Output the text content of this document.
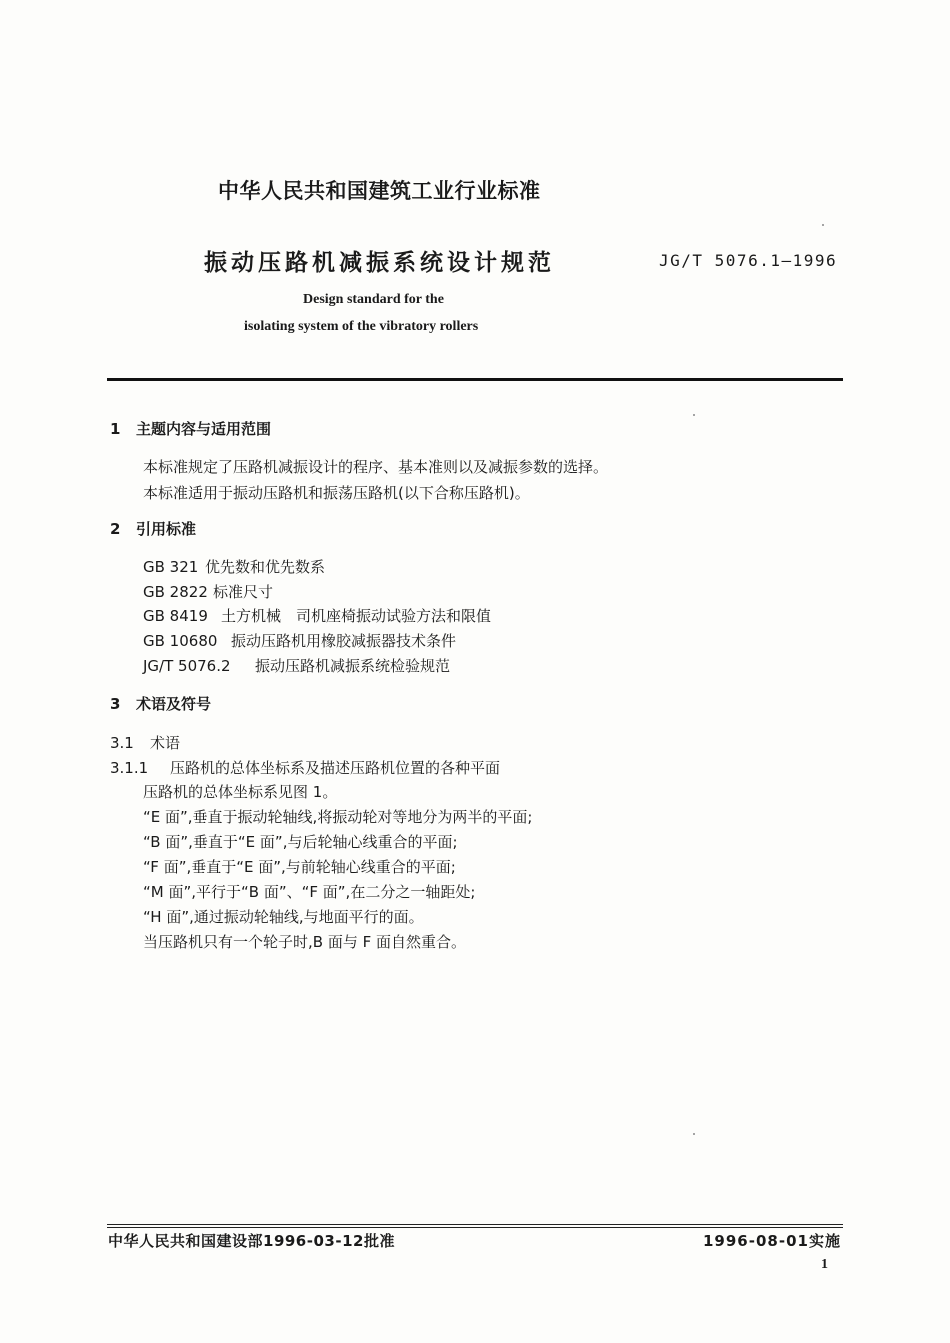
中华人民共和国建筑工业行业标准
振动压路机减振系统设计规范	JG/T 5076.1—1996
Design standard for the
isolating system of the vibratory rollers
1 主题内容与适用范围
本标准规定了压路机减振设计的程序、基本准则以及减振参数的选择。
本标准适用于振动压路机和振荡压路机(以下合称压路机)。
2 引用标准
GB 321 优先数和优先数系
GB 2822 标准尺寸
GB 8419 土方机械　司机座椅振动试验方法和限值
GB 10680 振动压路机用橡胶减振器技术条件
JG/T 5076.2 振动压路机减振系统检验规范
3 术语及符号
3.1 术语
3.1.1 压路机的总体坐标系及描述压路机位置的各种平面
压路机的总体坐标系见图 1。
“E 面”,垂直于振动轮轴线,将振动轮对等地分为两半的平面;
“B 面”,垂直于“E 面”,与后轮轴心线重合的平面;
“F 面”,垂直于“E 面”,与前轮轴心线重合的平面;
“M 面”,平行于“B 面”、“F 面”,在二分之一轴距处;
“H 面”,通过振动轮轴线,与地面平行的面。
当压路机只有一个轮子时,B 面与 F 面自然重合。
中华人民共和国建设部1996-03-12批准	1996-08-01实施
1
